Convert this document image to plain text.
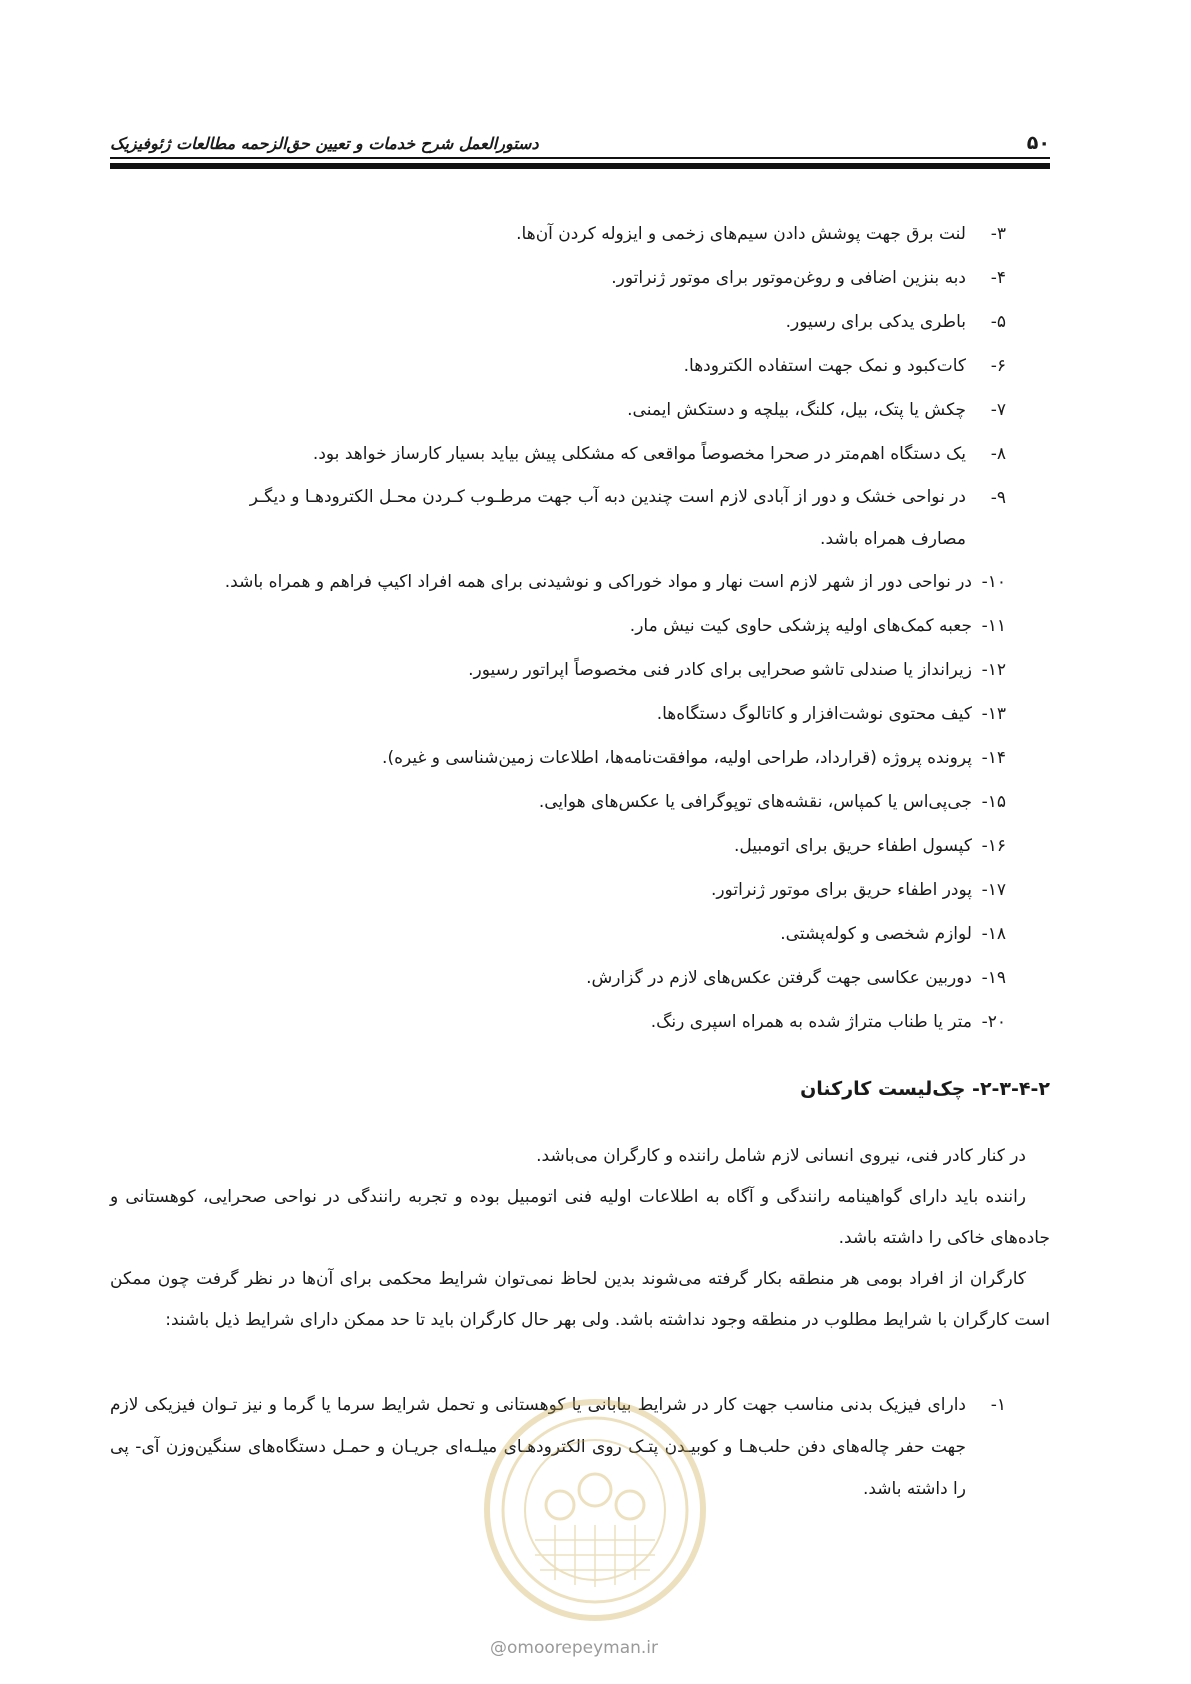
۵۰
دستورالعمل شرح خدمات و تعیین حق‌الزحمه مطالعات ژئوفیزیک
۳-
لنت برق جهت پوشش دادن سیم‌های زخمی و ایزوله کردن آن‌ها.
۴-
دبه بنزین اضافی و روغن‌موتور برای موتور ژنراتور.
۵-
باطری یدکی برای رسیور.
۶-
کات‌کبود و نمک جهت استفاده الکترودها.
۷-
چکش یا پتک، بیل، کلنگ، بیلچه و دستکش ایمنی.
۸-
یک دستگاه اهم‌متر در صحرا مخصوصاً مواقعی که مشکلی پیش بیاید بسیار کارساز خواهد بود.
۹-
در نواحی خشک و دور از آبادی لازم است چندین دبه آب جهت مرطـوب کـردن محـل الکترودهـا و دیگـر
مصارف همراه باشد.
۱۰-
در نواحی دور از شهر لازم است نهار و مواد خوراکی و نوشیدنی برای همه افراد اکیپ فراهم و همراه باشد.
۱۱-
جعبه کمک‌های اولیه پزشکی حاوی کیت نیش مار.
۱۲-
زیرانداز یا صندلی تاشو صحرایی برای کادر فنی مخصوصاً اپراتور رسیور.
۱۳-
کیف محتوی نوشت‌افزار و کاتالوگ دستگاه‌ها.
۱۴-
پرونده پروژه (قرارداد، طراحی اولیه، موافقت‌نامه‌ها، اطلاعات زمین‌شناسی و غیره).
۱۵-
جی‌پی‌اس یا کمپاس، نقشه‌های توپوگرافی یا عکس‌های هوایی.
۱۶-
کپسول اطفاء حریق برای اتومبیل.
۱۷-
پودر اطفاء حریق برای موتور ژنراتور.
۱۸-
لوازم شخصی و کوله‌پشتی.
۱۹-
دوربین عکاسی جهت گرفتن عکس‌های لازم در گزارش.
۲۰-
متر یا طناب متراژ شده به همراه اسپری رنگ.
۲-۳-۴-۲- چک‌لیست کارکنان

در کنار کادر فنی، نیروی انسانی لازم شامل راننده و کارگران می‌باشد.

راننده باید دارای گواهینامه رانندگی و آگاه به اطلاعات اولیه فنی اتومبیل بوده و تجربه رانندگی در نواحی صحرایی، کوهستانی و جاده‌های خاکی را داشته باشد.

کارگران از افراد بومی هر منطقه بکار گرفته می‌شوند بدین لحاظ نمی‌توان شرایط محکمی برای آن‌ها در نظر گرفت چون ممکن است کارگران با شرایط مطلوب در منطقه وجود نداشته باشد. ولی بهر حال کارگران باید تا حد ممکن دارای شرایط ذیل باشند:

۱-
دارای فیزیک بدنی مناسب جهت کار در شرایط بیابانی یا کوهستانی و تحمل شرایط سرما یا گرما و نیز تـوان فیزیکی لازم جهت حفر چاله‌های دفن حلب‌هـا و کوبیـدن پتـک روی الکترودهـای میلـه‌ای جریـان و حمـل دستگاه‌های سنگین‌وزن آی- پی را داشته باشد.
@omoorepeyman.ir
